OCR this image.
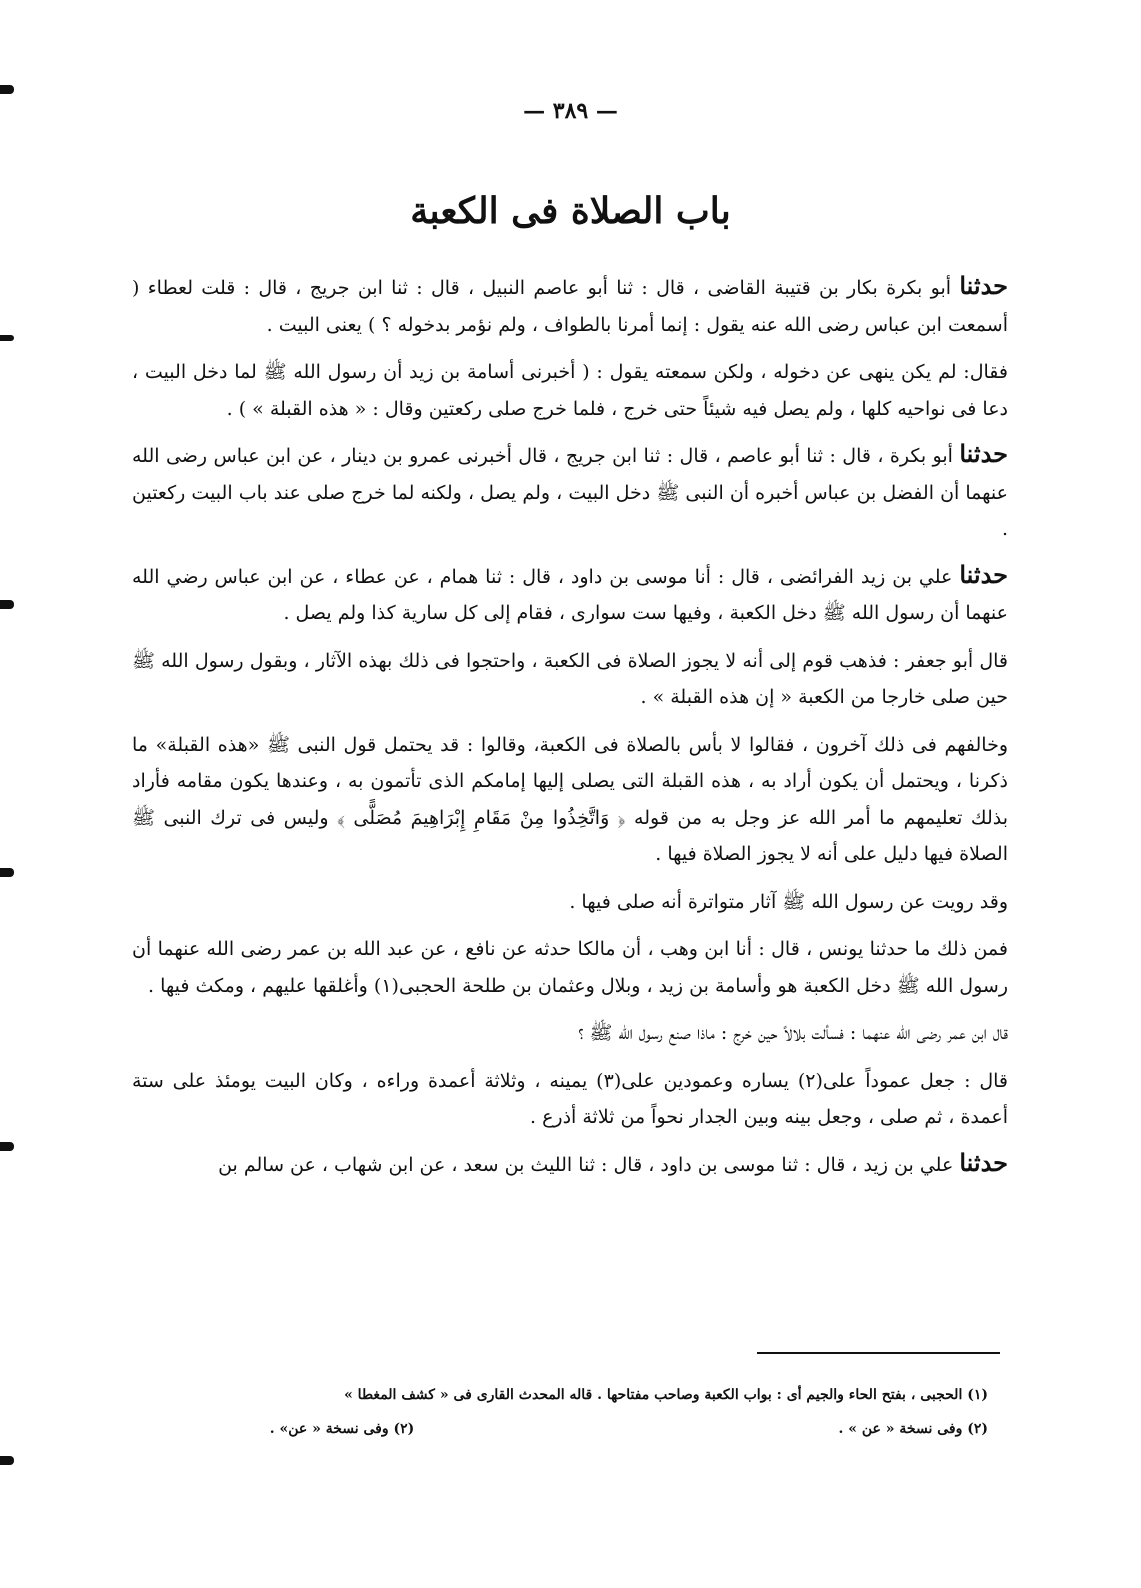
— ٣٨٩ —
باب الصلاة فى الكعبة

حدثنا أبو بكرة بكار بن قتيبة القاضى ، قال : ثنا أبو عاصم النبيل ، قال : ثنا ابن جريج ، قال : قلت لعطاء ( أسمعت ابن عباس رضى الله عنه يقول : إنما أمرنا بالطواف ، ولم نؤمر بدخوله ؟ ) يعنى البيت .

فقال: لم يكن ينهى عن دخوله ، ولكن سمعته يقول : ( أخبرنى أسامة بن زيد أن رسول الله ﷺ لما دخل البيت ، دعا فى نواحيه كلها ، ولم يصل فيه شيئاً حتى خرج ، فلما خرج صلى ركعتين وقال : « هذه القبلة » ) .

حدثنا أبو بكرة ، قال : ثنا أبو عاصم ، قال : ثنا ابن جريج ، قال أخبرنى عمرو بن دينار ، عن ابن عباس رضى الله عنهما أن الفضل بن عباس أخبره أن النبى ﷺ دخل البيت ، ولم يصل ، ولكنه لما خرج صلى عند باب البيت ركعتين .

حدثنا علي بن زيد الفرائضى ، قال : أنا موسى بن داود ، قال : ثنا همام ، عن عطاء ، عن ابن عباس رضي الله عنهما أن رسول الله ﷺ دخل الكعبة ، وفيها ست سوارى ، فقام إلى كل سارية كذا ولم يصل .

قال أبو جعفر : فذهب قوم إلى أنه لا يجوز الصلاة فى الكعبة ، واحتجوا فى ذلك بهذه الآثار ، وبقول رسول الله ﷺ حين صلى خارجا من الكعبة « إن هذه القبلة » .

وخالفهم فى ذلك آخرون ، فقالوا لا بأس بالصلاة فى الكعبة، وقالوا : قد يحتمل قول النبى ﷺ «هذه القبلة» ما ذكرنا ، ويحتمل أن يكون أراد به ، هذه القبلة التى يصلى إليها إمامكم الذى تأتمون به ، وعندها يكون مقامه فأراد بذلك تعليمهم ما أمر الله عز وجل به من قوله ﴿ وَاتَّخِذُوا مِنْ مَقَامِ إِبْرَاهِيمَ مُصَلًّى ﴾ وليس فى ترك النبى ﷺ الصلاة فيها دليل على أنه لا يجوز الصلاة فيها .

وقد رويت عن رسول الله ﷺ آثار متواترة أنه صلى فيها .

فمن ذلك ما حدثنا يونس ، قال : أنا ابن وهب ، أن مالكا حدثه عن نافع ، عن عبد الله بن عمر رضى الله عنهما أن رسول الله ﷺ دخل الكعبة هو وأسامة بن زيد ، وبلال وعثمان بن طلحة الحجبى(١) وأغلقها عليهم ، ومكث فيها .

قال ابن عمر رضى الله عنهما : فسألت بلالاً حين خرج : ماذا صنع رسول الله ﷺ ؟

قال : جعل عموداً على(٢) يساره وعمودين على(٣) يمينه ، وثلاثة أعمدة وراءه ، وكان البيت يومئذ على ستة أعمدة ، ثم صلى ، وجعل بينه وبين الجدار نحواً من ثلاثة أذرع .

حدثنا علي بن زيد ، قال : ثنا موسى بن داود ، قال : ثنا الليث بن سعد ، عن ابن شهاب ، عن سالم بن

(١) الحجبى ، بفتح الحاء والجيم أى : بواب الكعبة وصاحب مفتاحها . قاله المحدث القارى فى « كشف المغطا »
(٢) وفى نسخة « عن » .
(٢) وفى نسخة « عن» .
